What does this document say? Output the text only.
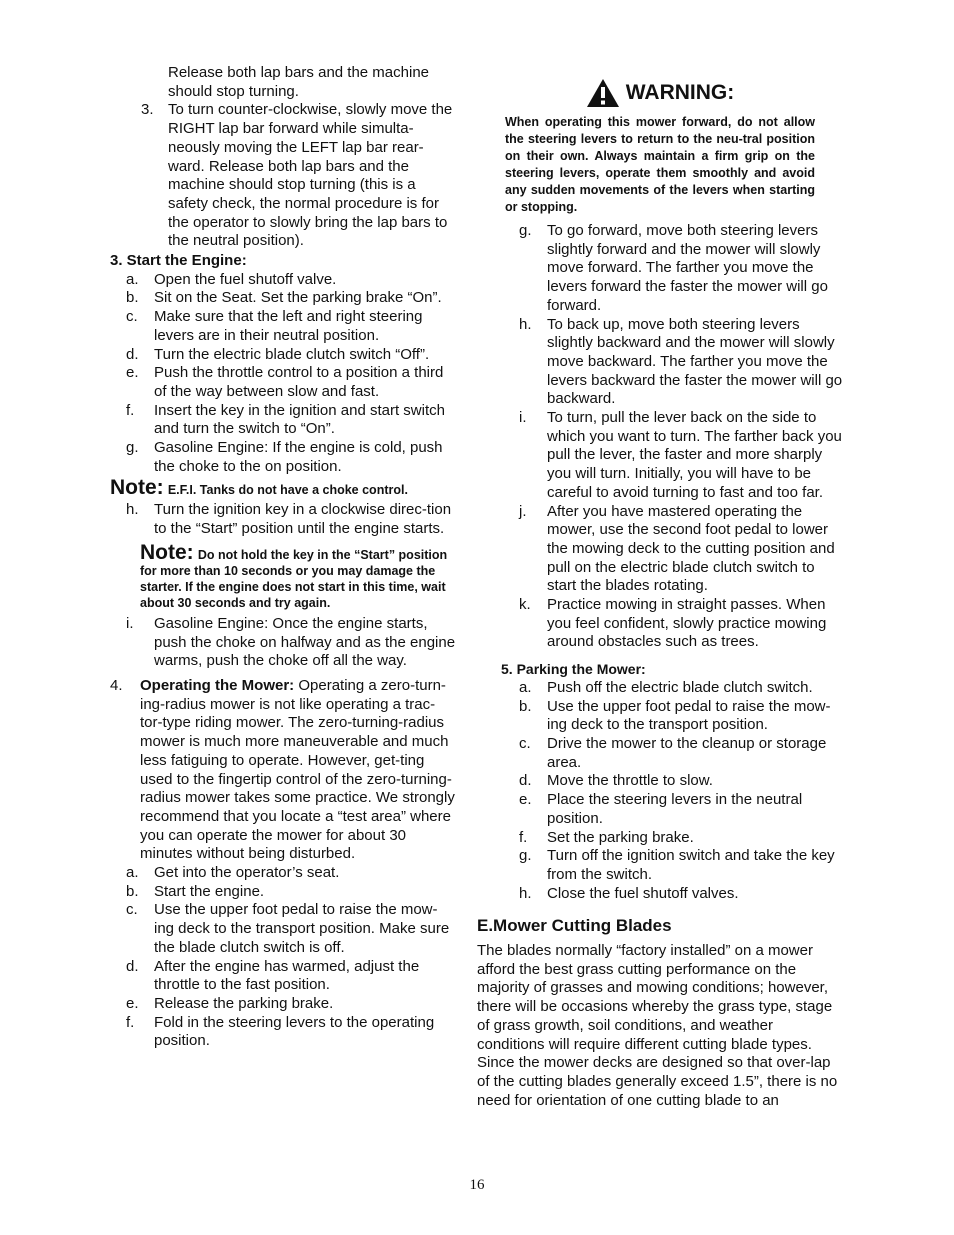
Release both lap bars and the machine should stop turning.
3. To turn counter-clockwise, slowly move the RIGHT lap bar forward while simulta-neously moving the LEFT lap bar rear-ward. Release both lap bars and the machine should stop turning (this is a safety check, the normal procedure is for the operator to slowly bring the lap bars to the neutral position).
3. Start the Engine:
a. Open the fuel shutoff valve.
b. Sit on the Seat. Set the parking brake “On”.
c. Make sure that the left and right steering levers are in their neutral position.
d. Turn the electric blade clutch switch “Off”.
e. Push the throttle control to a position a third of the way between slow and fast.
f. Insert the key in the ignition and start switch and turn the switch to “On”.
g. Gasoline Engine: If the engine is cold, push the choke to the on position.
Note: E.F.I. Tanks do not have a choke control.
h. Turn the ignition key in a clockwise direc-tion to the “Start” position until the engine starts.
Note: Do not hold the key in the “Start” position for more than 10 seconds or you may damage the starter. If the engine does not start in this time, wait about 30 seconds and try again.
i. Gasoline Engine: Once the engine starts, push the choke on halfway and as the engine warms, push the choke off all the way.
4. Operating the Mower: Operating a zero-turn-ing-radius mower is not like operating a trac-tor-type riding mower. The zero-turning-radius mower is much more maneuverable and much less fatiguing to operate. However, get-ting used to the fingertip control of the zero-turning-radius mower takes some practice. We strongly recommend that you locate a “test area” where you can operate the mower for about 30 minutes without being disturbed.
a. Get into the operator’s seat.
b. Start the engine.
c. Use the upper foot pedal to raise the mow-ing deck to the transport position. Make sure the blade clutch switch is off.
d. After the engine has warmed, adjust the throttle to the fast position.
e. Release the parking brake.
f. Fold in the steering levers to the operating position.
WARNING:
When operating this mower forward, do not allow the steering levers to return to the neu-tral position on their own. Always maintain a firm grip on the steering levers, operate them smoothly and avoid any sudden movements of the levers when starting or stopping.
g. To go forward, move both steering levers slightly forward and the mower will slowly move forward. The farther you move the levers forward the faster the mower will go forward.
h. To back up, move both steering levers slightly backward and the mower will slowly move backward. The farther you move the levers backward the faster the mower will go backward.
i. To turn, pull the lever back on the side to which you want to turn. The farther back you pull the lever, the faster and more sharply you will turn. Initially, you will have to be careful to avoid turning to fast and too far.
j. After you have mastered operating the mower, use the second foot pedal to lower the mowing deck to the cutting position and pull on the electric blade clutch switch to start the blades rotating.
k. Practice mowing in straight passes. When you feel confident, slowly practice mowing around obstacles such as trees.
5. Parking the Mower:
a. Push off the electric blade clutch switch.
b. Use the upper foot pedal to raise the mow-ing deck to the transport position.
c. Drive the mower to the cleanup or storage area.
d. Move the throttle to slow.
e. Place the steering levers in the neutral position.
f. Set the parking brake.
g. Turn off the ignition switch and take the key from the switch.
h. Close the fuel shutoff valves.
E.Mower Cutting Blades
The blades normally “factory installed” on a mower afford the best grass cutting performance on the majority of grasses and mowing conditions; however, there will be occasions whereby the grass type, stage of grass growth, soil conditions, and weather conditions will require different cutting blade types. Since the mower decks are designed so that over-lap of the cutting blades generally exceed 1.5”, there is no need for orientation of one cutting blade to an
16
